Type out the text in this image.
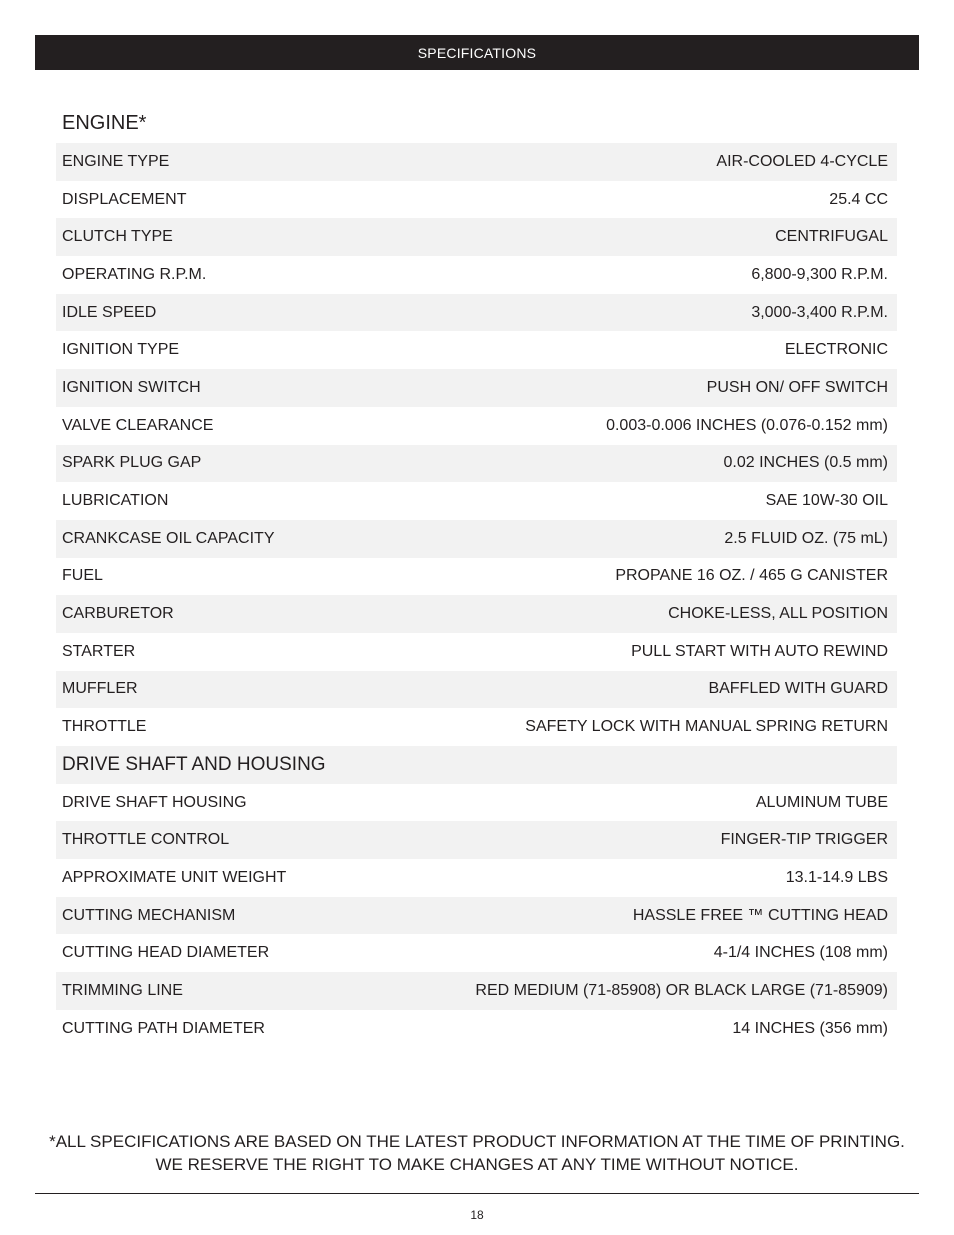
SPECIFICATIONS
ENGINE*
ENGINE TYPE	AIR-COOLED 4-CYCLE
DISPLACEMENT	25.4 CC
CLUTCH TYPE	CENTRIFUGAL
OPERATING R.P.M.	6,800-9,300 R.P.M.
IDLE SPEED	3,000-3,400 R.P.M.
IGNITION TYPE	ELECTRONIC
IGNITION SWITCH	PUSH ON/ OFF SWITCH
VALVE CLEARANCE	0.003-0.006 INCHES (0.076-0.152 mm)
SPARK PLUG GAP	0.02 INCHES (0.5 mm)
LUBRICATION	SAE 10W-30 OIL
CRANKCASE OIL CAPACITY	2.5 FLUID OZ. (75 mL)
FUEL	PROPANE 16 OZ. / 465 G CANISTER
CARBURETOR	CHOKE-LESS, ALL POSITION
STARTER	PULL START WITH AUTO REWIND
MUFFLER	BAFFLED WITH GUARD
THROTTLE	SAFETY LOCK WITH MANUAL SPRING RETURN
DRIVE SHAFT AND HOUSING
DRIVE SHAFT HOUSING	ALUMINUM TUBE
THROTTLE CONTROL	FINGER-TIP TRIGGER
APPROXIMATE UNIT WEIGHT	13.1-14.9 LBS
CUTTING MECHANISM	HASSLE FREE ™ CUTTING HEAD
CUTTING HEAD DIAMETER	4-1/4 INCHES (108 mm)
TRIMMING LINE	RED MEDIUM (71-85908) OR BLACK LARGE (71-85909)
CUTTING PATH DIAMETER	14 INCHES (356 mm)
*ALL SPECIFICATIONS ARE BASED ON THE LATEST PRODUCT INFORMATION AT THE TIME OF PRINTING.
WE RESERVE THE RIGHT TO MAKE CHANGES AT ANY TIME WITHOUT NOTICE.
18
